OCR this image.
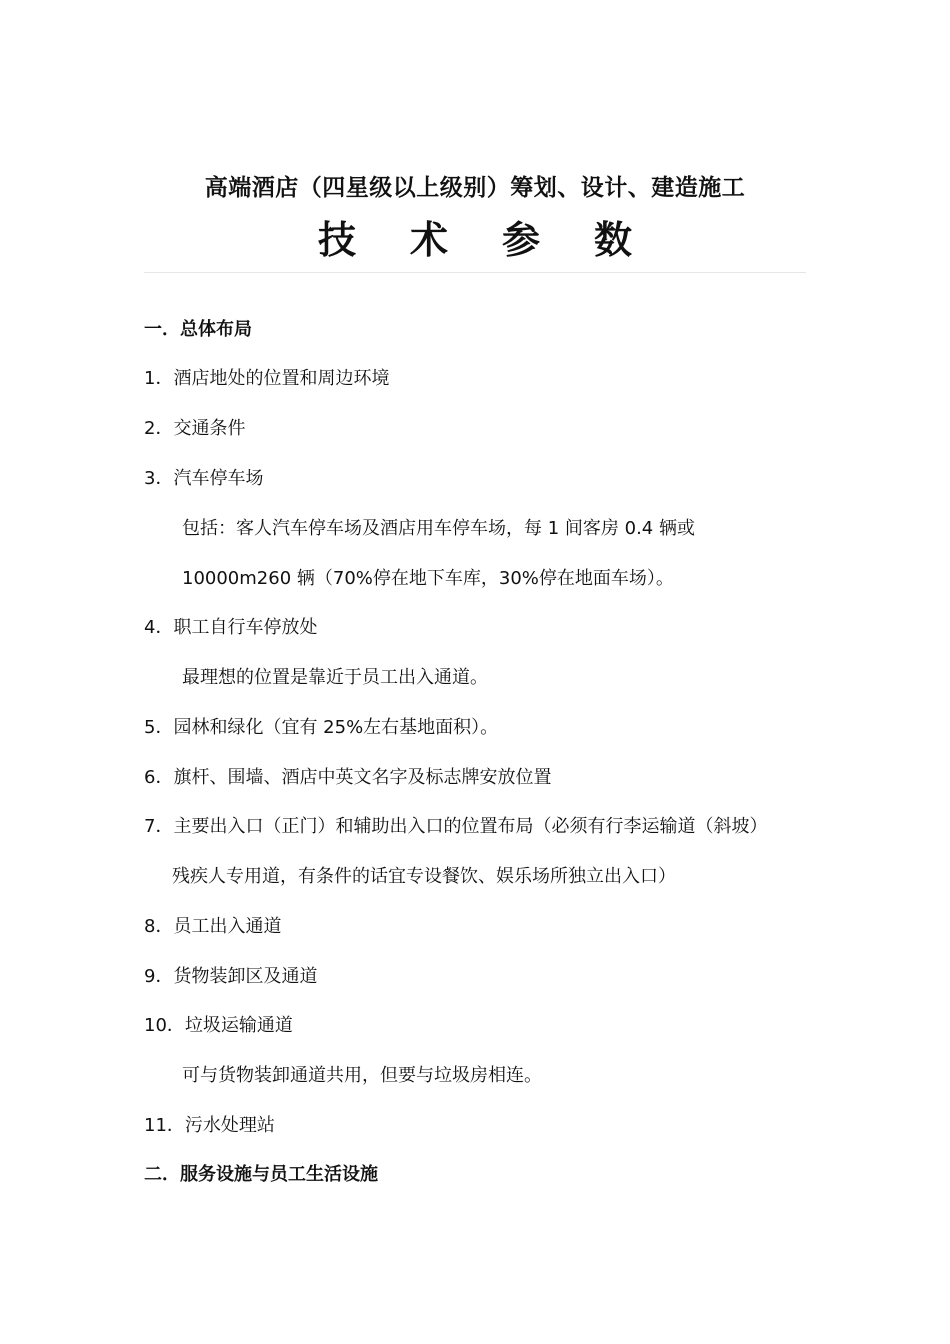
高端酒店（四星级以上级别）筹划、设计、建造施工
技术参数
一．总体布局
1．酒店地处的位置和周边环境
2．交通条件
3．汽车停车场
包括：客人汽车停车场及酒店用车停车场，每 1 间客房 0.4 辆或
10000m260 辆（70%停在地下车库，30%停在地面车场）。
4．职工自行车停放处
最理想的位置是靠近于员工出入通道。
5．园林和绿化（宜有 25%左右基地面积）。
6．旗杆、围墙、酒店中英文名字及标志牌安放位置
7．主要出入口（正门）和辅助出入口的位置布局（必须有行李运输道（斜坡）
残疾人专用道，有条件的话宜专设餐饮、娱乐场所独立出入口）
8．员工出入通道
9．货物装卸区及通道
10．垃圾运输通道
可与货物装卸通道共用，但要与垃圾房相连。
11．污水处理站
二．服务设施与员工生活设施
